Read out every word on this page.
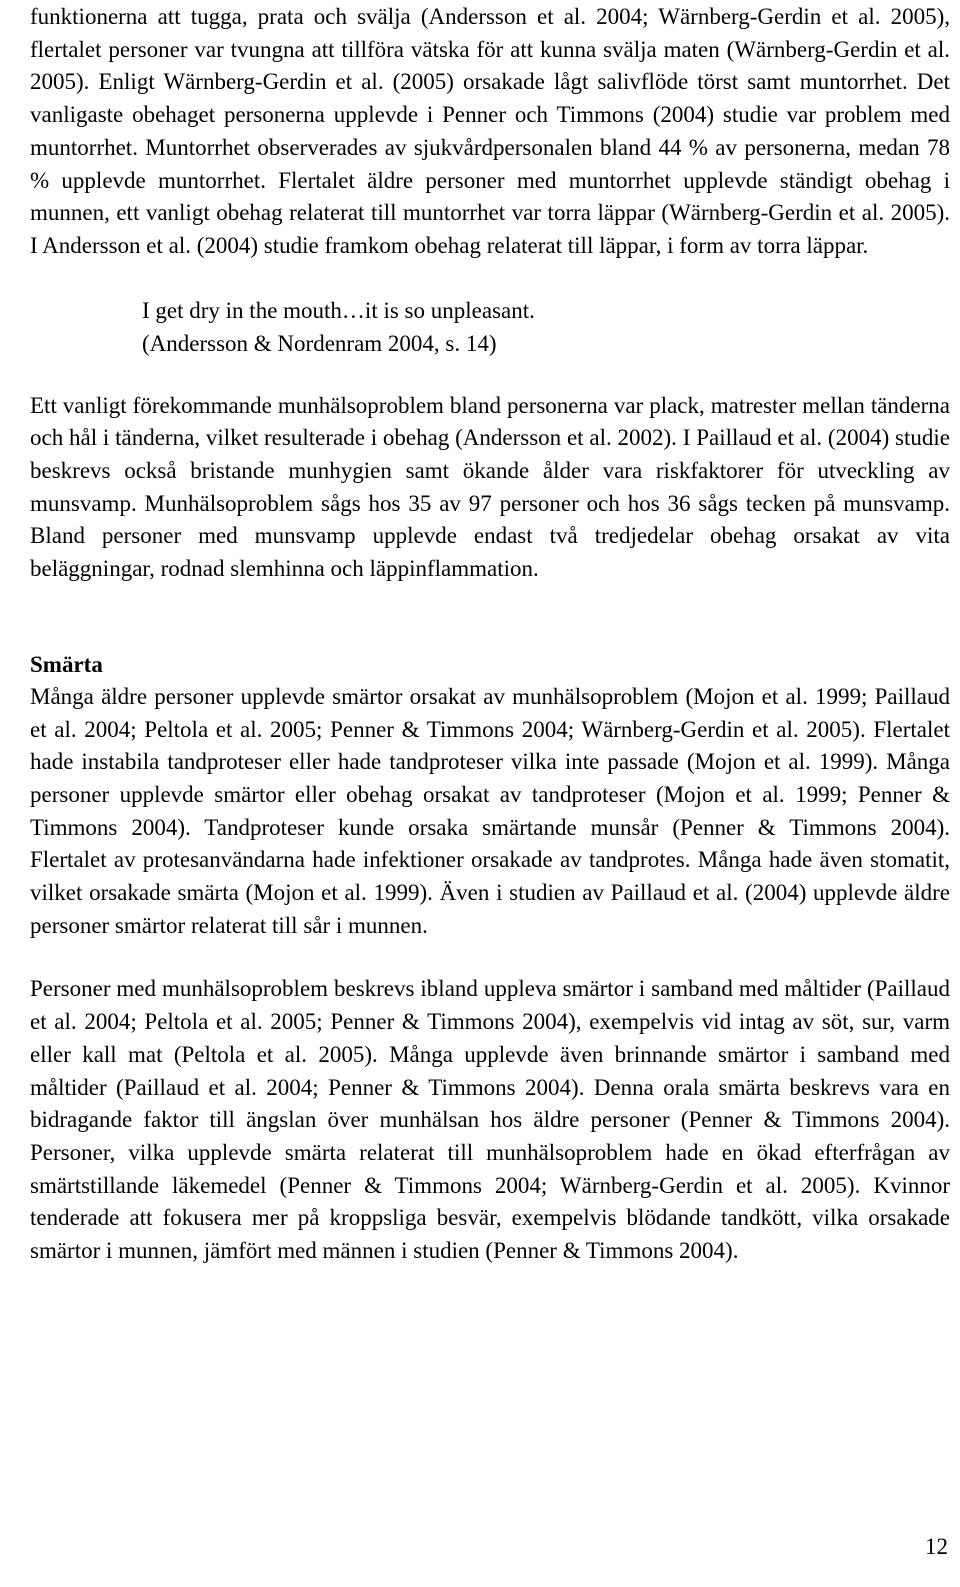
funktionerna att tugga, prata och svälja (Andersson et al. 2004; Wärnberg-Gerdin et al. 2005), flertalet personer var tvungna att tillföra vätska för att kunna svälja maten (Wärnberg-Gerdin et al. 2005). Enligt Wärnberg-Gerdin et al. (2005) orsakade lågt salivflöde törst samt muntorrhet. Det vanligaste obehaget personerna upplevde i Penner och Timmons (2004) studie var problem med muntorrhet. Muntorrhet observerades av sjukvårdpersonalen bland 44 % av personerna, medan 78 % upplevde muntorrhet. Flertalet äldre personer med muntorrhet upplevde ständigt obehag i munnen, ett vanligt obehag relaterat till muntorrhet var torra läppar (Wärnberg-Gerdin et al. 2005). I Andersson et al. (2004) studie framkom obehag relaterat till läppar, i form av torra läppar.

I get dry in the mouth…it is so unpleasant.
(Andersson & Nordenram 2004, s. 14)

Ett vanligt förekommande munhälsoproblem bland personerna var plack, matrester mellan tänderna och hål i tänderna, vilket resulterade i obehag (Andersson et al. 2002). I Paillaud et al. (2004) studie beskrevs också bristande munhygien samt ökande ålder vara riskfaktorer för utveckling av munsvamp. Munhälsoproblem sågs hos 35 av 97 personer och hos 36 sågs tecken på munsvamp. Bland personer med munsvamp upplevde endast två tredjedelar obehag orsakat av vita beläggningar, rodnad slemhinna och läppinflammation.

Smärta

Många äldre personer upplevde smärtor orsakat av munhälsoproblem (Mojon et al. 1999; Paillaud et al. 2004; Peltola et al. 2005; Penner & Timmons 2004; Wärnberg-Gerdin et al. 2005). Flertalet hade instabila tandproteser eller hade tandproteser vilka inte passade (Mojon et al. 1999). Många personer upplevde smärtor eller obehag orsakat av tandproteser (Mojon et al. 1999; Penner & Timmons 2004). Tandproteser kunde orsaka smärtande munsår (Penner & Timmons 2004). Flertalet av protesanvändarna hade infektioner orsakade av tandprotes. Många hade även stomatit, vilket orsakade smärta (Mojon et al. 1999). Även i studien av Paillaud et al. (2004) upplevde äldre personer smärtor relaterat till sår i munnen.

Personer med munhälsoproblem beskrevs ibland uppleva smärtor i samband med måltider (Paillaud et al. 2004; Peltola et al. 2005; Penner & Timmons 2004), exempelvis vid intag av söt, sur, varm eller kall mat (Peltola et al. 2005). Många upplevde även brinnande smärtor i samband med måltider (Paillaud et al. 2004; Penner & Timmons 2004). Denna orala smärta beskrevs vara en bidragande faktor till ängslan över munhälsan hos äldre personer (Penner & Timmons 2004). Personer, vilka upplevde smärta relaterat till munhälsoproblem hade en ökad efterfrågan av smärtstillande läkemedel (Penner & Timmons 2004; Wärnberg-Gerdin et al. 2005). Kvinnor tenderade att fokusera mer på kroppsliga besvär, exempelvis blödande tandkött, vilka orsakade smärtor i munnen, jämfört med männen i studien (Penner & Timmons 2004).

12
